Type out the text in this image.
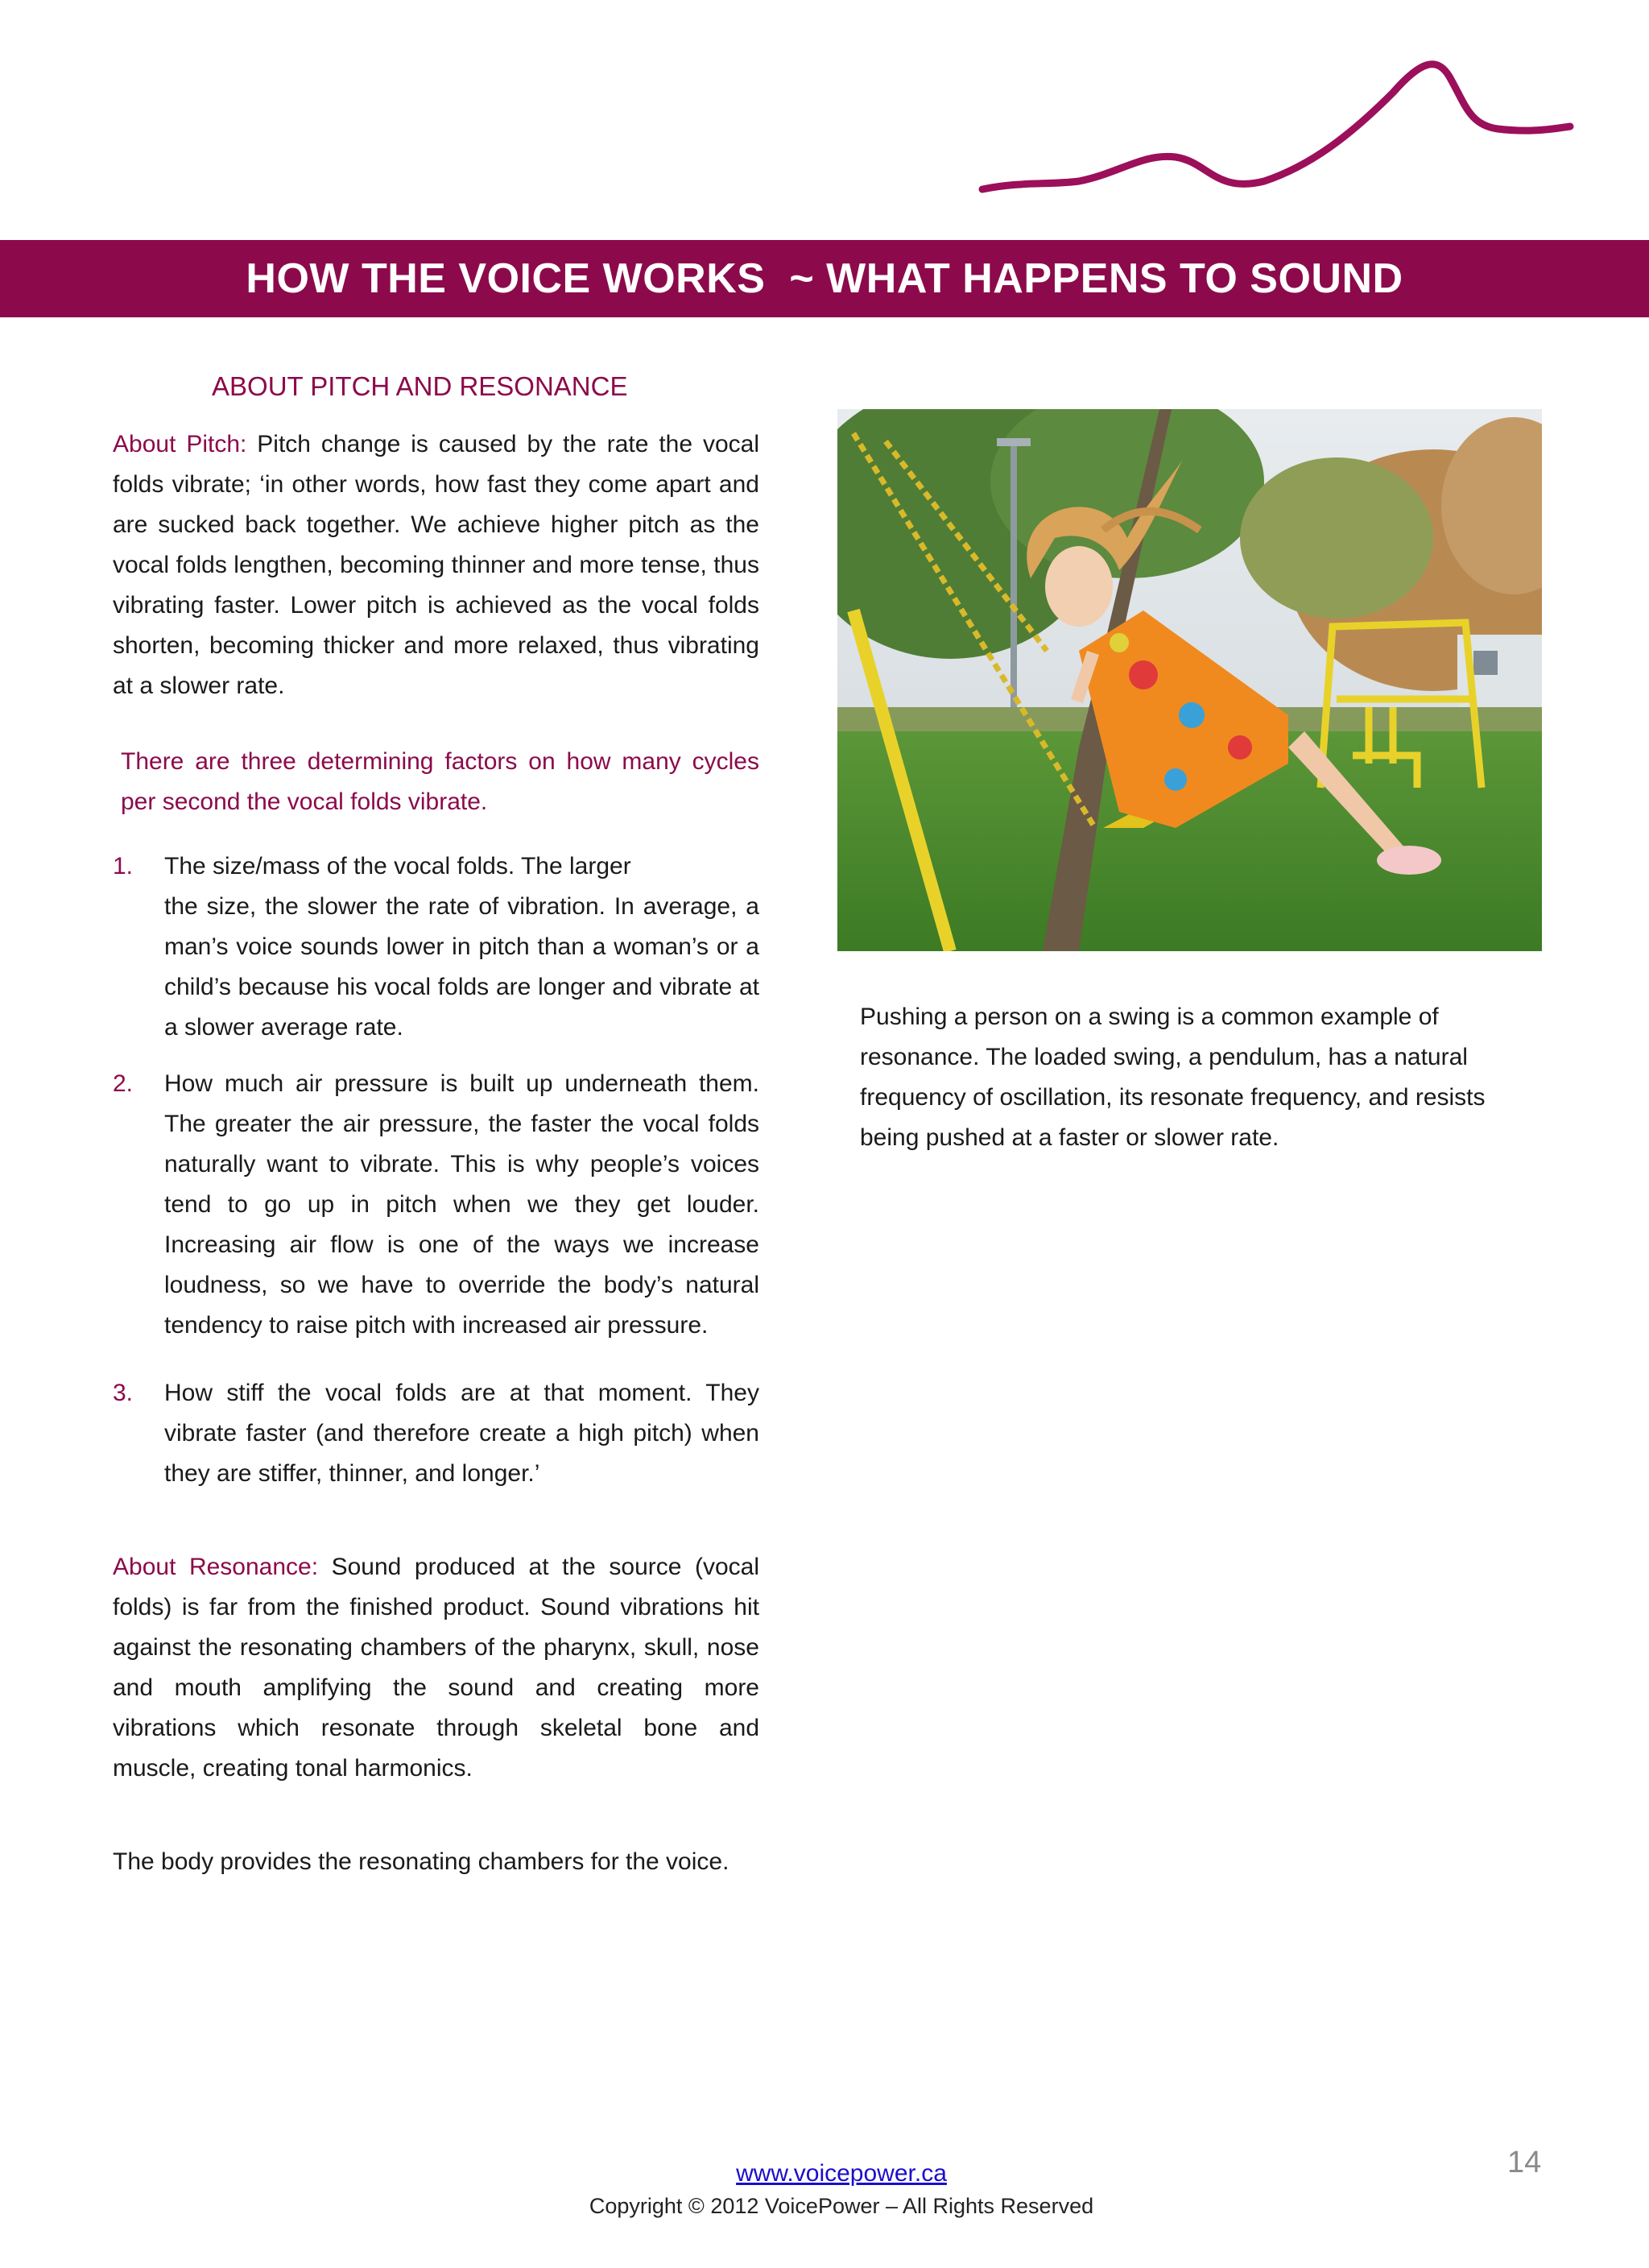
HOW THE VOICE WORKS  ~ WHAT HAPPENS TO SOUND
ABOUT PITCH AND RESONANCE

About Pitch: Pitch change is caused by the rate the vocal folds vibrate; ‘in other words, how fast they come apart and are sucked back together. We achieve higher pitch as the vocal folds lengthen, becoming thinner and more tense, thus vibrating faster. Lower pitch is achieved as the vocal folds shorten, becoming thicker and more relaxed, thus vibrating at a slower rate.

There are three determining factors on how many cycles per second the vocal folds vibrate.
1. The size/mass of the vocal folds. The larger
the size, the slower the rate of vibration. In average, a man’s voice sounds lower in pitch than a woman’s or a child’s because his vocal folds are longer and vibrate at a slower average rate.
2. How much air pressure is built up underneath them. The greater the air pressure, the faster the vocal folds naturally want to vibrate. This is why people’s voices tend to go up in pitch when we they get louder. Increasing air flow is one of the ways we increase loudness, so we have to override the body’s natural tendency to raise pitch with increased air pressure.
3. How stiff the vocal folds are at that moment. They vibrate faster (and therefore create a high pitch) when they are stiffer, thinner, and longer.’

About Resonance: Sound produced at the source (vocal folds) is far from the finished product. Sound vibrations hit against the resonating chambers of the pharynx, skull, nose and mouth amplifying the sound and creating more vibrations which resonate through skeletal bone and muscle, creating tonal harmonics.

The body provides the resonating chambers for the voice.

Pushing a person on a swing is a common example of resonance. The loaded swing, a pendulum, has a natural frequency of oscillation, its resonate frequency, and resists being pushed at a faster or slower rate.
www.voicepower.ca
Copyright © 2012 VoicePower – All Rights Reserved
14
